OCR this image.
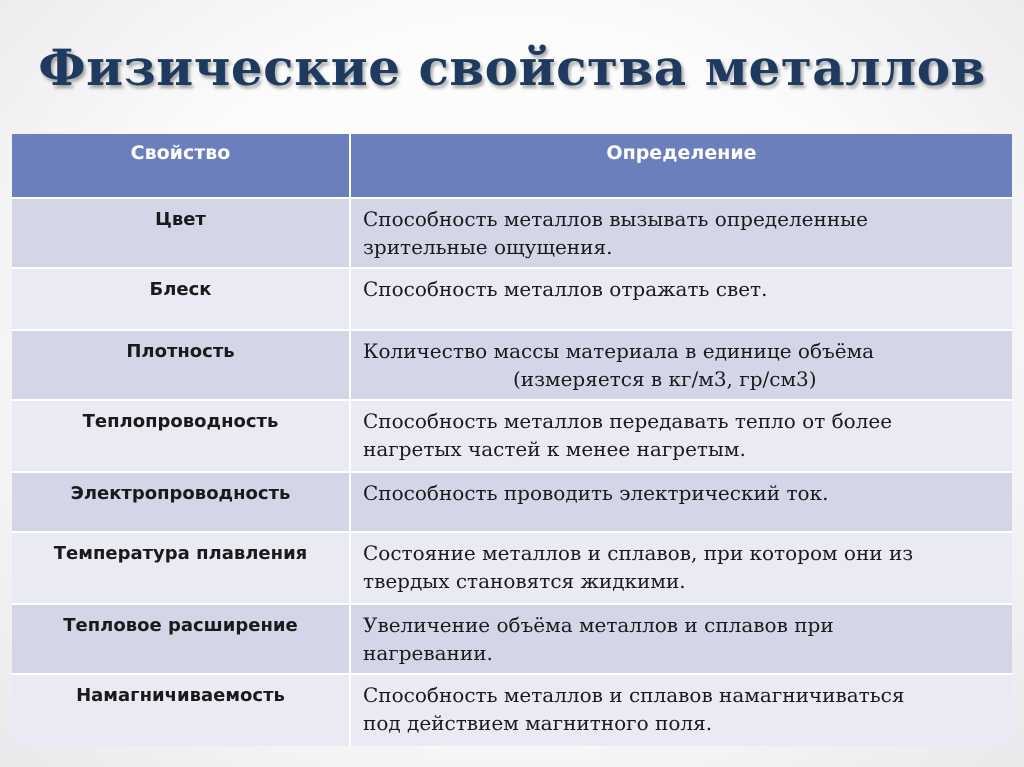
Физические свойства металлов
Свойство	Определение
Цвет	Способность металлов вызывать определенные
зрительные ощущения.

Блеск	Способность металлов отражать свет.

Плотность	Количество массы материала в единице объёма
(измеряется в кг/м3, гр/см3)

Теплопроводность	Способность металлов передавать тепло от более
нагретых частей к менее нагретым.

Электропроводность	Способность проводить электрический ток.

Температура плавления	Состояние металлов и сплавов, при котором они из
твердых становятся жидкими.

Тепловое расширение	Увеличение объёма металлов и сплавов при
нагревании.

Намагничиваемость	Способность металлов и сплавов намагничиваться
под действием магнитного поля.
